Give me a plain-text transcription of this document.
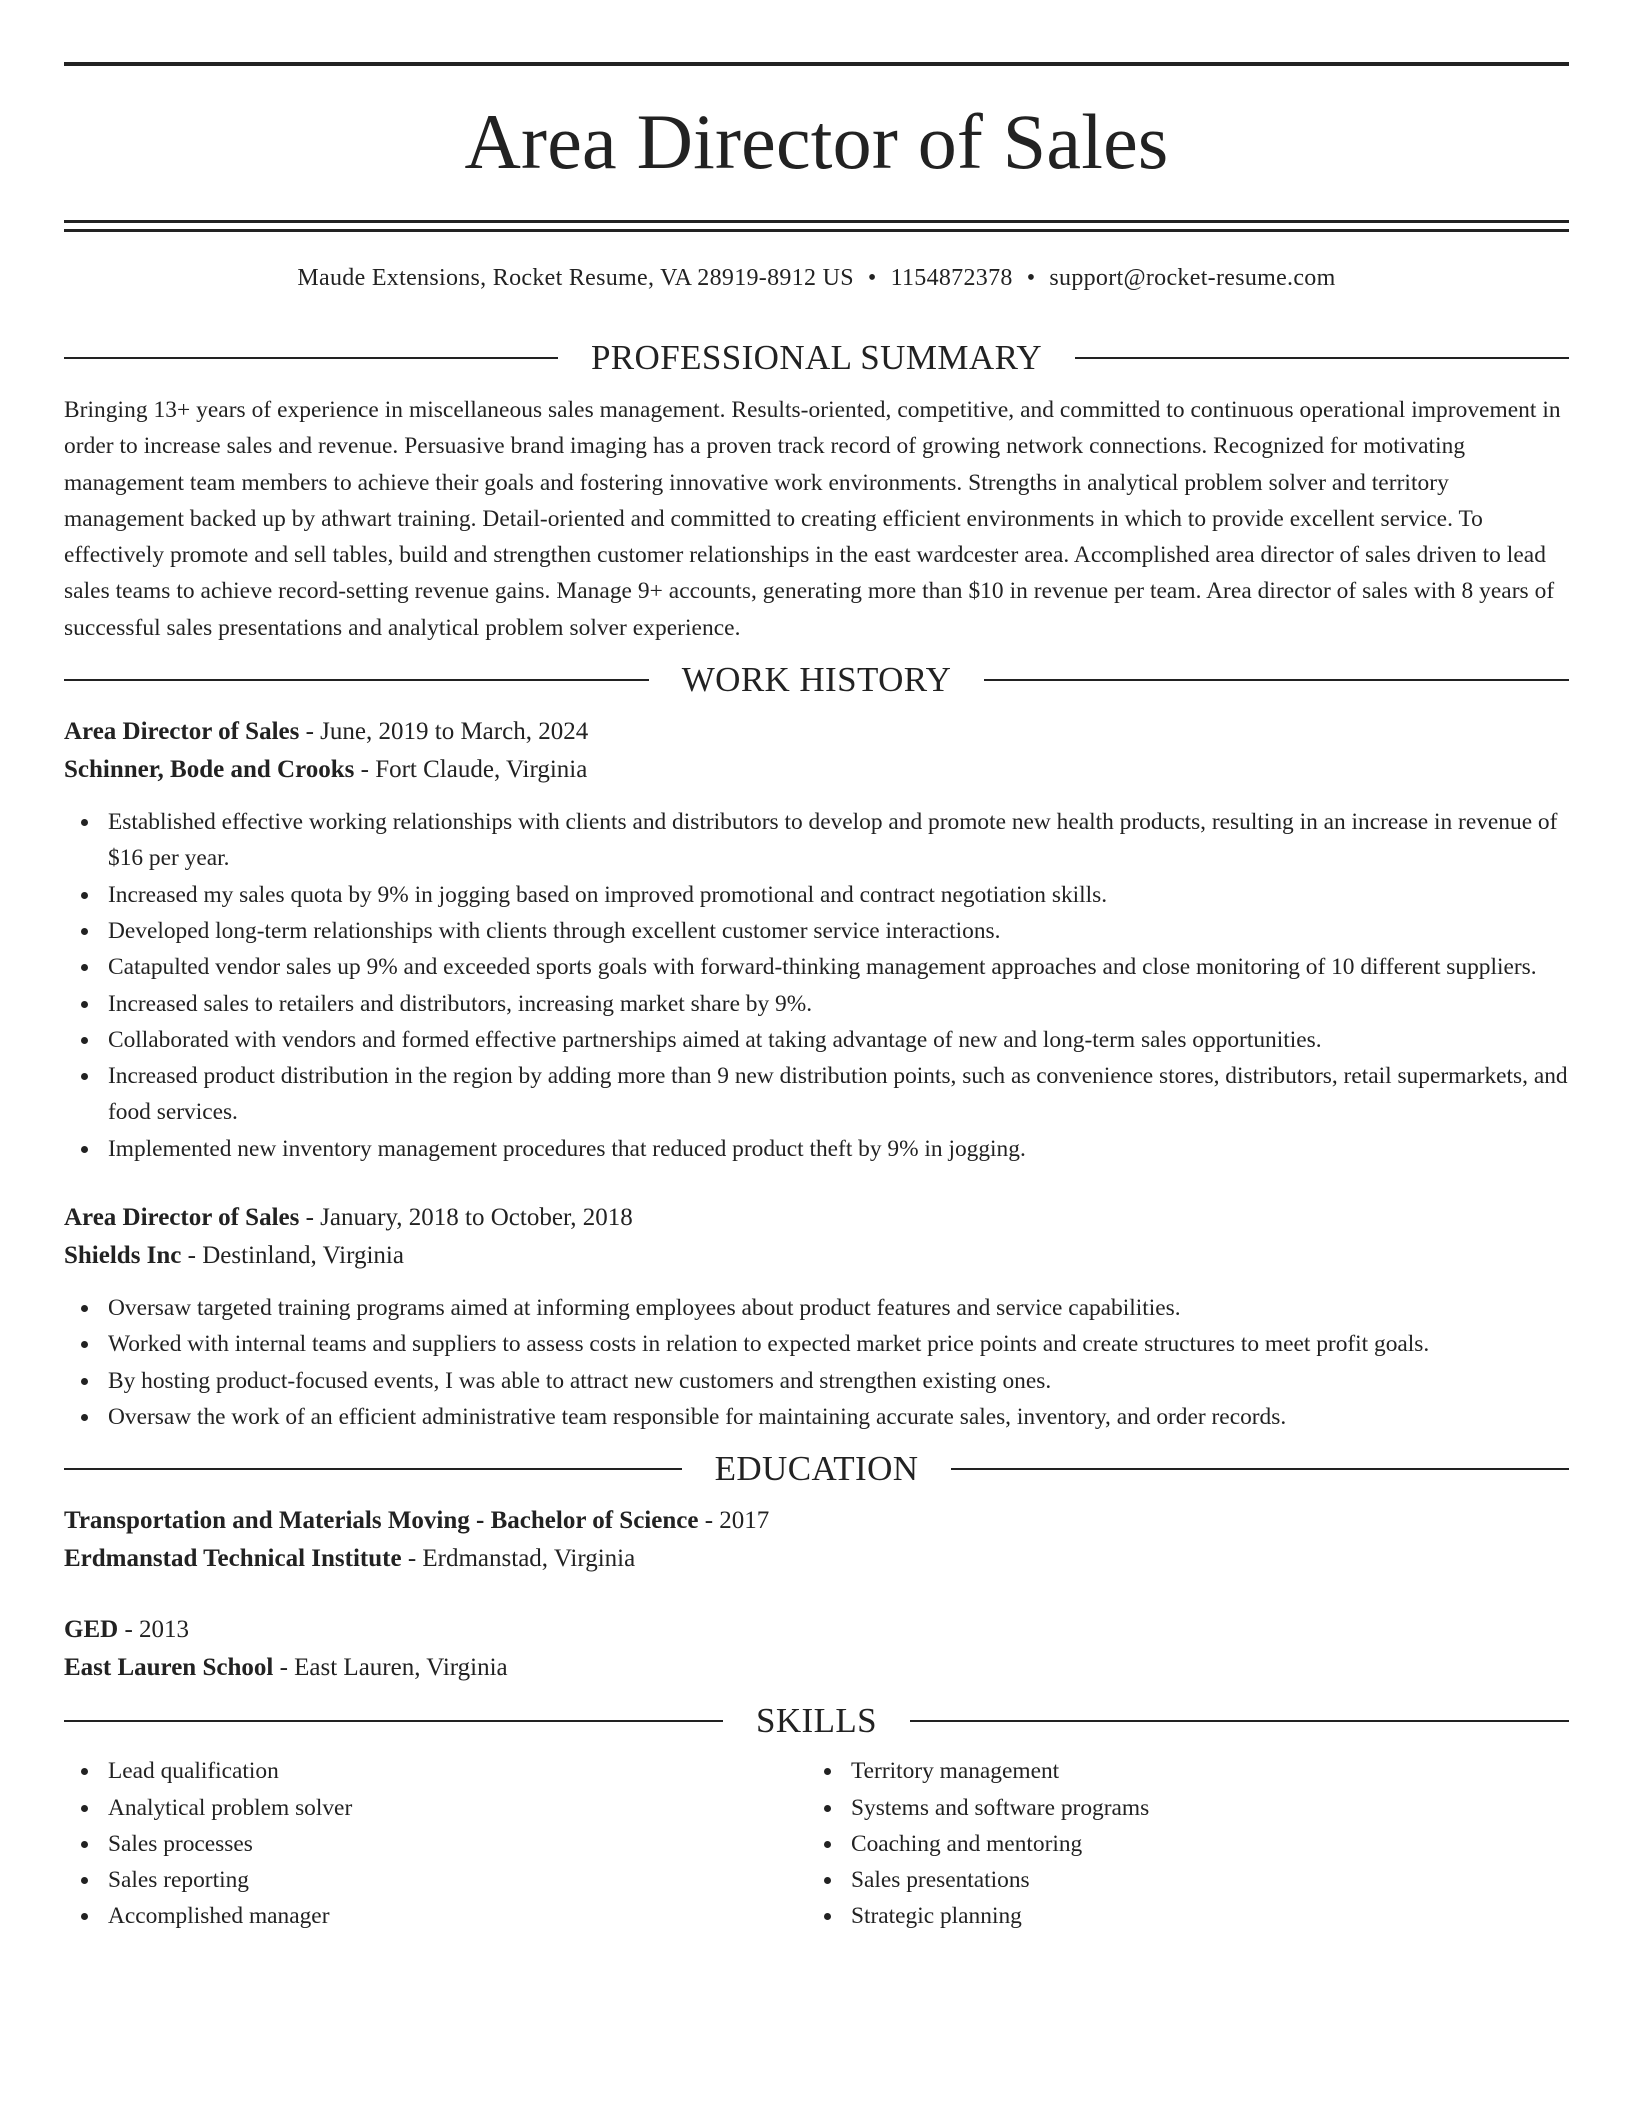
Area Director of Sales
Maude Extensions, Rocket Resume, VA 28919-8912 US • 1154872378 • support@rocket-resume.com
PROFESSIONAL SUMMARY

Bringing 13+ years of experience in miscellaneous sales management. Results-oriented, competitive, and committed to continuous operational improvement in order to increase sales and revenue. Persuasive brand imaging has a proven track record of growing network connections. Recognized for motivating management team members to achieve their goals and fostering innovative work environments. Strengths in analytical problem solver and territory management backed up by athwart training. Detail-oriented and committed to creating efficient environments in which to provide excellent service. To effectively promote and sell tables, build and strengthen customer relationships in the east wardcester area. Accomplished area director of sales driven to lead sales teams to achieve record-setting revenue gains. Manage 9+ accounts, generating more than $10 in revenue per team. Area director of sales with 8 years of successful sales presentations and analytical problem solver experience.

WORK HISTORY
Area Director of Sales - June, 2019 to March, 2024
Schinner, Bode and Crooks - Fort Claude, Virginia
Established effective working relationships with clients and distributors to develop and promote new health products, resulting in an increase in revenue of $16 per year.
Increased my sales quota by 9% in jogging based on improved promotional and contract negotiation skills.
Developed long-term relationships with clients through excellent customer service interactions.
Catapulted vendor sales up 9% and exceeded sports goals with forward-thinking management approaches and close monitoring of 10 different suppliers.
Increased sales to retailers and distributors, increasing market share by 9%.
Collaborated with vendors and formed effective partnerships aimed at taking advantage of new and long-term sales opportunities.
Increased product distribution in the region by adding more than 9 new distribution points, such as convenience stores, distributors, retail supermarkets, and food services.
Implemented new inventory management procedures that reduced product theft by 9% in jogging.
Area Director of Sales - January, 2018 to October, 2018
Shields Inc - Destinland, Virginia
Oversaw targeted training programs aimed at informing employees about product features and service capabilities.
Worked with internal teams and suppliers to assess costs in relation to expected market price points and create structures to meet profit goals.
By hosting product-focused events, I was able to attract new customers and strengthen existing ones.
Oversaw the work of an efficient administrative team responsible for maintaining accurate sales, inventory, and order records.
EDUCATION
Transportation and Materials Moving - Bachelor of Science - 2017
Erdmanstad Technical Institute - Erdmanstad, Virginia
GED - 2013
East Lauren School - East Lauren, Virginia
SKILLS
Lead qualification
Analytical problem solver
Sales processes
Sales reporting
Accomplished manager
Territory management
Systems and software programs
Coaching and mentoring
Sales presentations
Strategic planning
